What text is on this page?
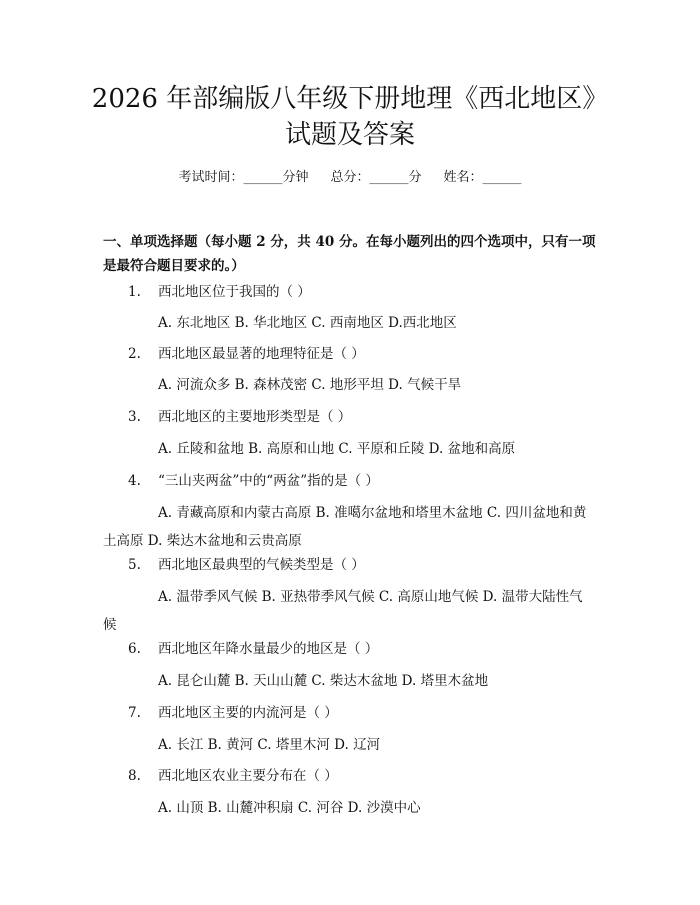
2026 年部编版八年级下册地理《西北地区》
试题及答案
考试时间：______分钟 总分：______分 姓名：______
一、单项选择题（每小题 2 分，共 40 分。在每小题列出的四个选项中，只有一项是最符合题目要求的。）
1. 西北地区位于我国的（ ）
A. 东北地区 B. 华北地区 C. 西南地区 D.西北地区
2. 西北地区最显著的地理特征是（ ）
A. 河流众多 B. 森林茂密 C. 地形平坦 D. 气候干旱
3. 西北地区的主要地形类型是（ ）
A. 丘陵和盆地 B. 高原和山地 C. 平原和丘陵 D. 盆地和高原
4. “三山夹两盆”中的“两盆”指的是（ ）
A. 青藏高原和内蒙古高原 B. 准噶尔盆地和塔里木盆地 C. 四川盆地和黄土高原 D. 柴达木盆地和云贵高原
5. 西北地区最典型的气候类型是（ ）
A. 温带季风气候 B. 亚热带季风气候 C. 高原山地气候 D. 温带大陆性气候
6. 西北地区年降水量最少的地区是（ ）
A. 昆仑山麓 B. 天山山麓 C. 柴达木盆地 D. 塔里木盆地
7. 西北地区主要的内流河是（ ）
A. 长江 B. 黄河 C. 塔里木河 D. 辽河
8. 西北地区农业主要分布在（ ）
A. 山顶 B. 山麓冲积扇 C. 河谷 D. 沙漠中心
